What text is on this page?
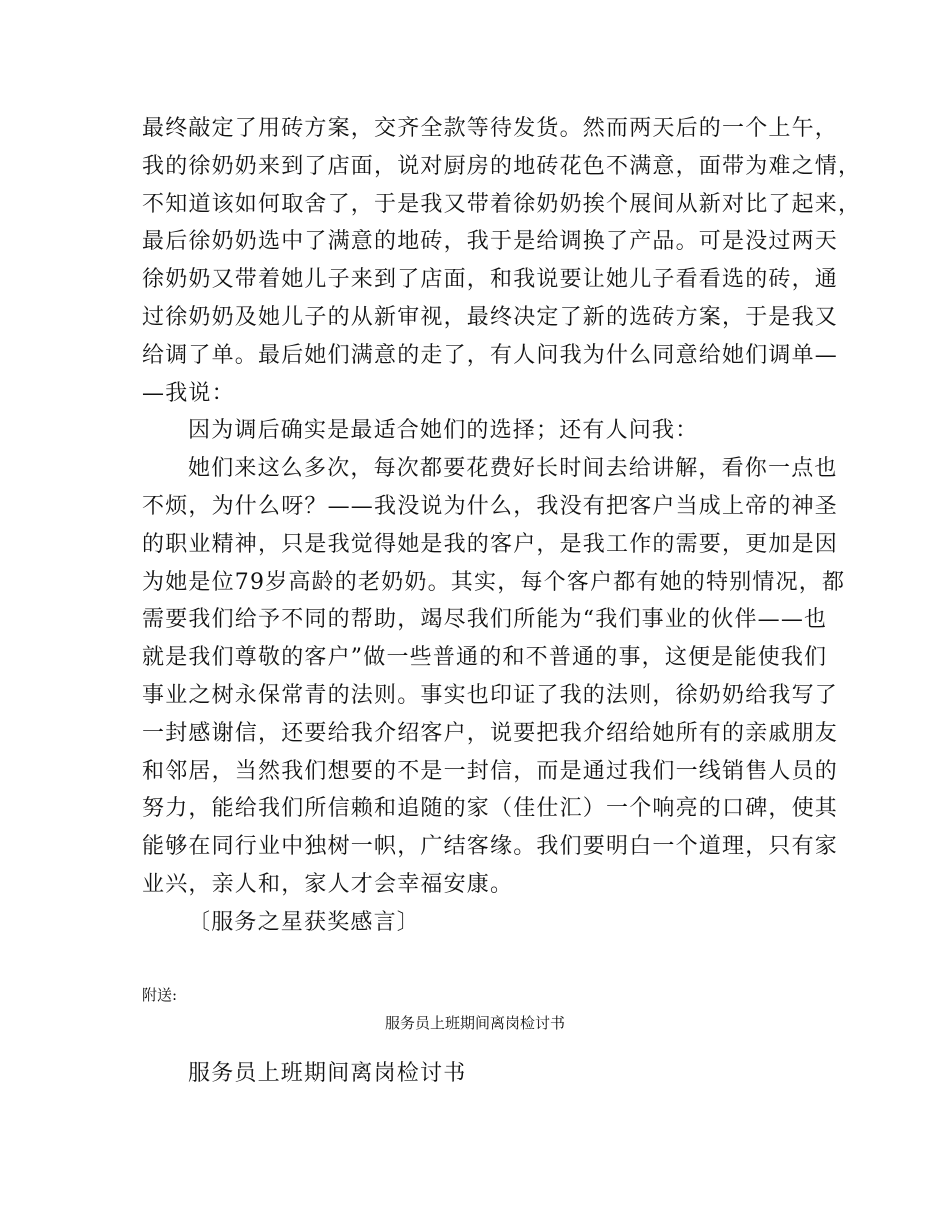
最终敲定了用砖方案，交齐全款等待发货。然而两天后的一个上午，
我的徐奶奶来到了店面，说对厨房的地砖花色不满意，面带为难之情，
不知道该如何取舍了，于是我又带着徐奶奶挨个展间从新对比了起来，
最后徐奶奶选中了满意的地砖，我于是给调换了产品。可是没过两天
徐奶奶又带着她儿子来到了店面，和我说要让她儿子看看选的砖，通
过徐奶奶及她儿子的从新审视，最终决定了新的选砖方案，于是我又
给调了单。最后她们满意的走了，有人问我为什么同意给她们调单—
—我说：
因为调后确实是最适合她们的选择；还有人问我：
她们来这么多次，每次都要花费好长时间去给讲解，看你一点也
不烦，为什么呀？——我没说为什么，我没有把客户当成上帝的神圣
的职业精神，只是我觉得她是我的客户，是我工作的需要，更加是因
为她是位79岁高龄的老奶奶。其实，每个客户都有她的特别情况，都
需要我们给予不同的帮助，竭尽我们所能为“我们事业的伙伴——也
就是我们尊敬的客户”做一些普通的和不普通的事，这便是能使我们
事业之树永保常青的法则。事实也印证了我的法则，徐奶奶给我写了
一封感谢信，还要给我介绍客户，说要把我介绍给她所有的亲戚朋友
和邻居，当然我们想要的不是一封信，而是通过我们一线销售人员的
努力，能给我们所信赖和追随的家（佳仕汇）一个响亮的口碑，使其
能够在同行业中独树一帜，广结客缘。我们要明白一个道理，只有家
业兴，亲人和，家人才会幸福安康。
〔服务之星获奖感言〕
附送:
服务员上班期间离岗检讨书
服务员上班期间离岗检讨书
